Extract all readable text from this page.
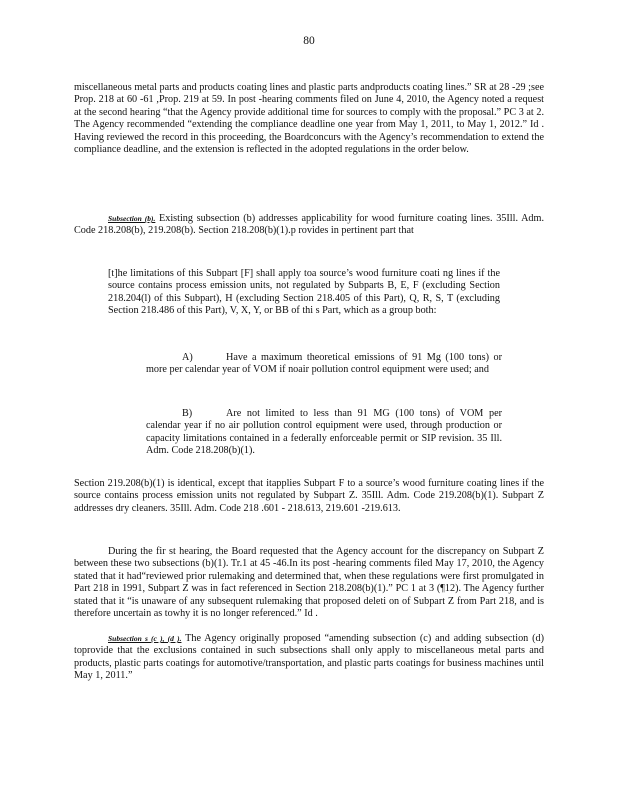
80

miscellaneous metal parts and products coating lines and plastic parts andproducts coating lines.” SR at 28 -29 ;see Prop. 218 at 60 -61 ,Prop. 219 at 59. In post -hearing comments filed on June 4, 2010, the Agency noted a request at the second hearing “that the Agency provide additional time for sources to comply with the proposal.” PC 3 at 2. The Agency recommended “extending the compliance deadline one year from May 1, 2011, to May 1, 2012.” Id . Having reviewed the record in this proceeding, the Boardconcurs with the Agency’s recommendation to extend the compliance deadline, and the extension is reflected in the adopted regulations in the order below.

Subsection (b). Existing subsection (b) addresses applicability for wood furniture coating lines. 35Ill. Adm. Code 218.208(b), 219.208(b). Section 218.208(b)(1).p rovides in pertinent part that

[t]he limitations of this Subpart [F] shall apply toa source’s wood furniture coati ng lines if the source contains process emission units, not regulated by Subparts B, E, F (excluding Section 218.204(l) of this Subpart), H (excluding Section 218.405 of this Part), Q, R, S, T (excluding Section 218.486 of this Part), V, X, Y, or BB of thi s Part, which as a group both:

A)	Have a maximum theoretical emissions of 91 Mg (100 tons) or more per calendar year of VOM if noair pollution control equipment were used; and

B)	Are not limited to less than 91 MG (100 tons) of VOM per calendar year if no air pollution control equipment were used, through production or capacity limitations contained in a federally enforceable permit or SIP revision. 35 Ill. Adm. Code 218.208(b)(1).

Section 219.208(b)(1) is identical, except that itapplies Subpart F to a source’s wood furniture coating lines if the source contains process emission units not regulated by Subpart Z. 35Ill. Adm. Code 219.208(b)(1). Subpart Z addresses dry cleaners. 35Ill. Adm. Code 218 .601 - 218.613, 219.601 -219.613.

During the fir st hearing, the Board requested that the Agency account for the discrepancy on Subpart Z between these two subsections (b)(1). Tr.1 at 45 -46.In its post -hearing comments filed May 17, 2010, the Agency stated that it had“reviewed prior rulemaking and determined that, when these regulations were first promulgated in Part 218 in 1991, Subpart Z was in fact referenced in Section 218.208(b)(1).” PC 1 at 3 (¶12). The Agency further stated that it “is unaware of any subsequent rulemaking that proposed deleti on of Subpart Z from Part 218, and is therefore uncertain as towhy it is no longer referenced.” Id .

Subsection s (c ), (d ). The Agency originally proposed “amending subsection (c) and adding subsection (d) toprovide that the exclusions contained in such subsections shall only apply to miscellaneous metal parts and products, plastic parts coatings for automotive/transportation, and plastic parts coatings for business machines until May 1, 2011.”
